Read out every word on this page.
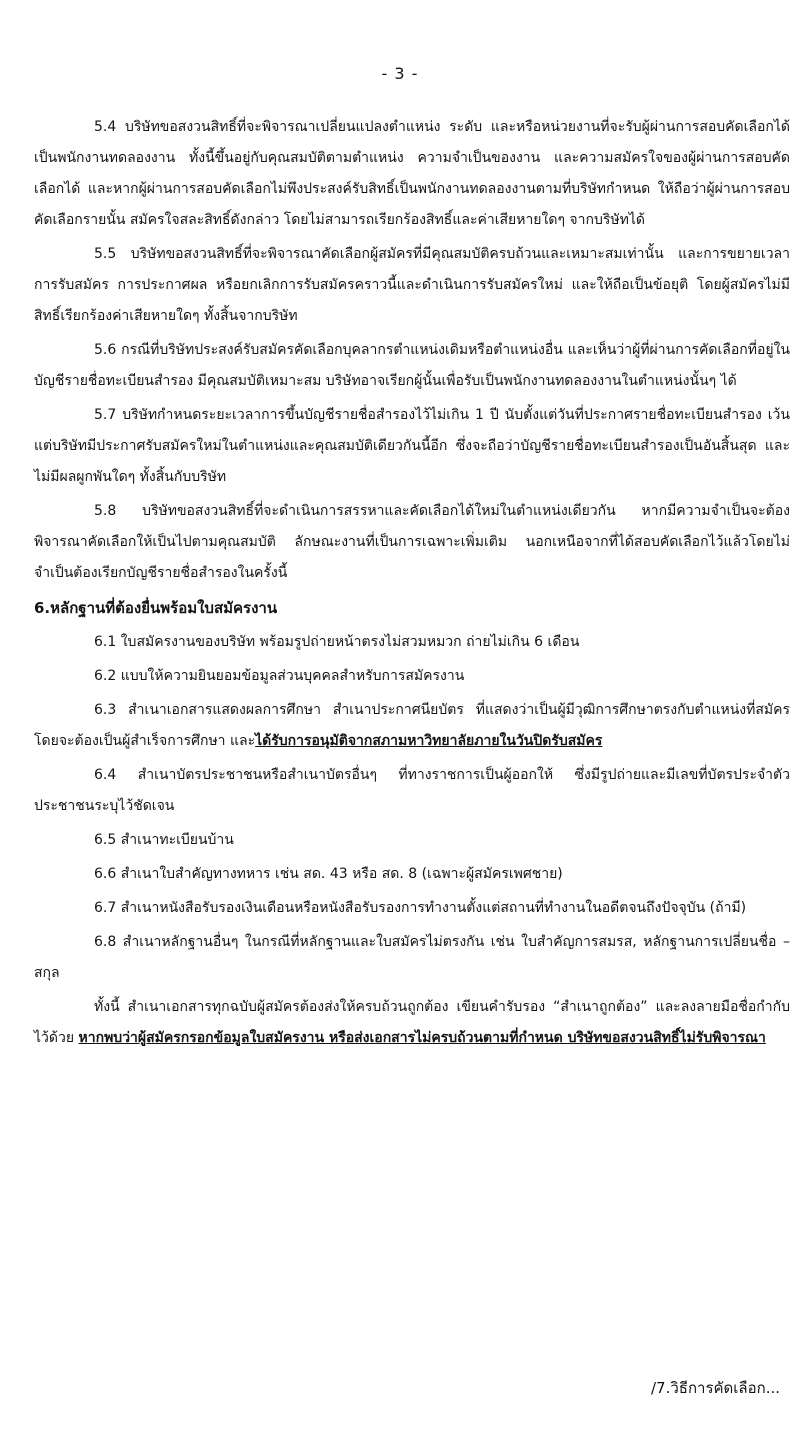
- 3 -

5.4 บริษัทขอสงวนสิทธิ์ที่จะพิจารณาเปลี่ยนแปลงตำแหน่ง ระดับ และหรือหน่วยงานที่จะรับผู้ผ่านการสอบคัดเลือกได้เป็นพนักงานทดลองงาน ทั้งนี้ขึ้นอยู่กับคุณสมบัติตามตำแหน่ง ความจำเป็นของงาน และความสมัครใจของผู้ผ่านการสอบคัดเลือกได้ และหากผู้ผ่านการสอบคัดเลือกไม่พึงประสงค์รับสิทธิ์เป็นพนักงานทดลองงานตามที่บริษัทกำหนด ให้ถือว่าผู้ผ่านการสอบคัดเลือกรายนั้น สมัครใจสละสิทธิ์ดังกล่าว โดยไม่สามารถเรียกร้องสิทธิ์และค่าเสียหายใดๆ จากบริษัทได้

5.5 บริษัทขอสงวนสิทธิ์ที่จะพิจารณาคัดเลือกผู้สมัครที่มีคุณสมบัติครบถ้วนและเหมาะสมเท่านั้น และการขยายเวลาการรับสมัคร การประกาศผล หรือยกเลิกการรับสมัครคราวนี้และดำเนินการรับสมัครใหม่ และให้ถือเป็นข้อยุติ โดยผู้สมัครไม่มีสิทธิ์เรียกร้องค่าเสียหายใดๆ ทั้งสิ้นจากบริษัท

5.6 กรณีที่บริษัทประสงค์รับสมัครคัดเลือกบุคลากรตำแหน่งเดิมหรือตำแหน่งอื่น และเห็นว่าผู้ที่ผ่านการคัดเลือกที่อยู่ในบัญชีรายชื่อทะเบียนสำรอง มีคุณสมบัติเหมาะสม บริษัทอาจเรียกผู้นั้นเพื่อรับเป็นพนักงานทดลองงานในตำแหน่งนั้นๆ ได้

5.7 บริษัทกำหนดระยะเวลาการขึ้นบัญชีรายชื่อสำรองไว้ไม่เกิน 1 ปี นับตั้งแต่วันที่ประกาศรายชื่อทะเบียนสำรอง เว้นแต่บริษัทมีประกาศรับสมัครใหม่ในตำแหน่งและคุณสมบัติเดียวกันนี้อีก ซึ่งจะถือว่าบัญชีรายชื่อทะเบียนสำรองเป็นอันสิ้นสุด และไม่มีผลผูกพันใดๆ ทั้งสิ้นกับบริษัท

5.8 บริษัทขอสงวนสิทธิ์ที่จะดำเนินการสรรหาและคัดเลือกได้ใหม่ในตำแหน่งเดียวกัน หากมีความจำเป็นจะต้องพิจารณาคัดเลือกให้เป็นไปตามคุณสมบัติ ลักษณะงานที่เป็นการเฉพาะเพิ่มเติม นอกเหนือจากที่ได้สอบคัดเลือกไว้แล้วโดยไม่จำเป็นต้องเรียกบัญชีรายชื่อสำรองในครั้งนี้

6.หลักฐานที่ต้องยื่นพร้อมใบสมัครงาน

6.1 ใบสมัครงานของบริษัท พร้อมรูปถ่ายหน้าตรงไม่สวมหมวก ถ่ายไม่เกิน 6 เดือน

6.2 แบบให้ความยินยอมข้อมูลส่วนบุคคลสำหรับการสมัครงาน

6.3 สำเนาเอกสารแสดงผลการศึกษา สำเนาประกาศนียบัตร ที่แสดงว่าเป็นผู้มีวุฒิการศึกษาตรงกับตำแหน่งที่สมัคร โดยจะต้องเป็นผู้สำเร็จการศึกษา และได้รับการอนุมัติจากสภามหาวิทยาลัยภายในวันปิดรับสมัคร

6.4 สำเนาบัตรประชาชนหรือสำเนาบัตรอื่นๆ ที่ทางราชการเป็นผู้ออกให้ ซึ่งมีรูปถ่ายและมีเลขที่บัตรประจำตัวประชาชนระบุไว้ชัดเจน

6.5 สำเนาทะเบียนบ้าน

6.6 สำเนาใบสำคัญทางทหาร เช่น สด. 43 หรือ สด. 8 (เฉพาะผู้สมัครเพศชาย)

6.7 สำเนาหนังสือรับรองเงินเดือนหรือหนังสือรับรองการทำงานตั้งแต่สถานที่ทำงานในอดีตจนถึงปัจจุบัน (ถ้ามี)

6.8 สำเนาหลักฐานอื่นๆ ในกรณีที่หลักฐานและใบสมัครไม่ตรงกัน เช่น ใบสำคัญการสมรส, หลักฐานการเปลี่ยนชื่อ – สกุล

ทั้งนี้ สำเนาเอกสารทุกฉบับผู้สมัครต้องส่งให้ครบถ้วนถูกต้อง เขียนคำรับรอง “สำเนาถูกต้อง” และลงลายมือชื่อกำกับไว้ด้วย หากพบว่าผู้สมัครกรอกข้อมูลใบสมัครงาน หรือส่งเอกสารไม่ครบถ้วนตามที่กำหนด บริษัทขอสงวนสิทธิ์ไม่รับพิจารณา

/7.วิธีการคัดเลือก...
